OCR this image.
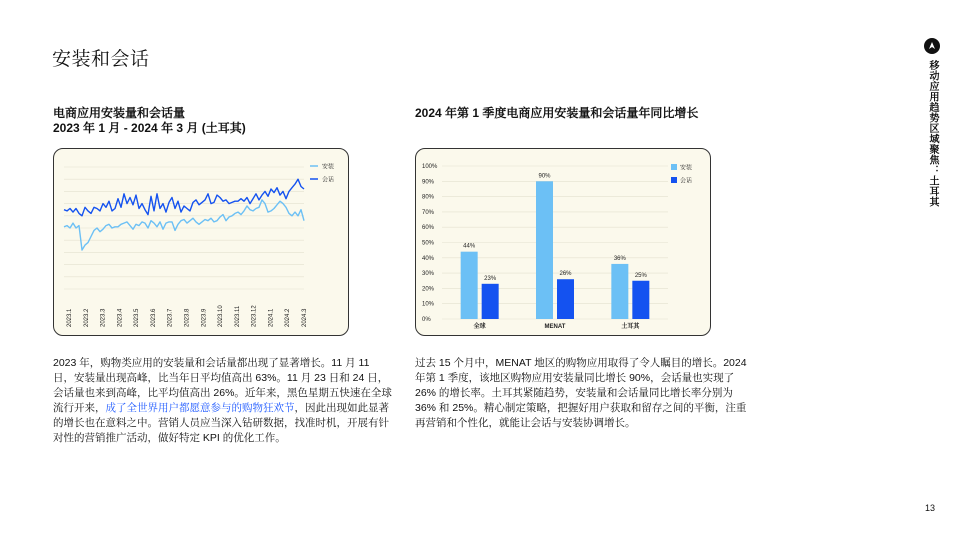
安装和会话
移动应用趋势区域聚焦：土耳其
电商应用安装量和会话量
2023 年 1 月 - 2024 年 3 月 (土耳其)
安装
会话
2023.1 2023.2 2023.3 2023.4 2023.5 2023.6 2023.7 2023.8 2023.9 2023.10 2023.11 2023.12 2024.1 2024.2 2024.3
2023 年，购物类应用的安装量和会话量都出现了显著增长。11 月 11 日，安装量出现高峰，比当年日平均值高出 63%。11 月 23 日和 24 日，会话量也来到高峰，比平均值高出 26%。近年来，黑色星期五快速在全球流行开来，成了全世界用户都愿意参与的购物狂欢节，因此出现如此显著的增长也在意料之中。营销人员应当深入钻研数据，找准时机，开展有针对性的营销推广活动，做好特定 KPI 的优化工作。
2024 年第 1 季度电商应用安装量和会话量年同比增长
0%
10%
20%
30%
40%
50%
60%
70%
80%
90%
100%
44%
23%
全球
90%
26%
MENAT
36%
25%
土耳其
安装
会话
过去 15 个月中，MENAT 地区的购物应用取得了令人瞩目的增长。2024 年第 1 季度，该地区购物应用安装量同比增长 90%，会话量也实现了 26% 的增长率。土耳其紧随趋势，安装量和会话量同比增长率分别为 36% 和 25%。精心制定策略，把握好用户获取和留存之间的平衡，注重再营销和个性化，就能让会话与安装协调增长。
13
